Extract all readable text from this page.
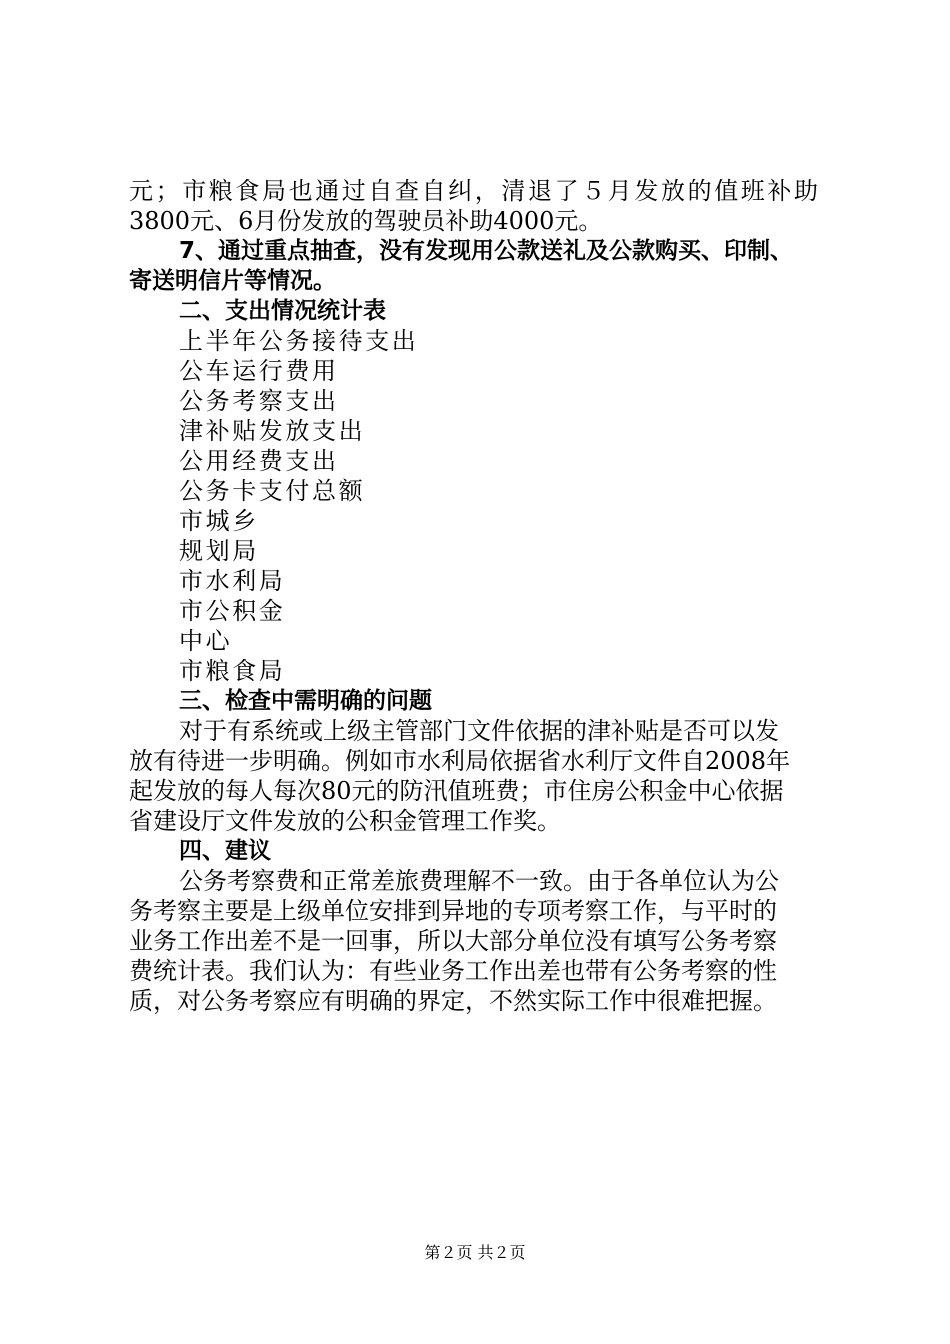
元；市粮食局也通过自查自纠，清退了５月发放的值班补助

3800元、6月份发放的驾驶员补助4000元。

7、通过重点抽查，没有发现用公款送礼及公款购买、印制、

寄送明信片等情况。

二、支出情况统计表

上半年公务接待支出

公车运行费用

公务考察支出

津补贴发放支出

公用经费支出

公务卡支付总额

市城乡

规划局

市水利局

市公积金

中心

市粮食局

三、检查中需明确的问题

对于有系统或上级主管部门文件依据的津补贴是否可以发

放有待进一步明确。例如市水利局依据省水利厅文件自2008年

起发放的每人每次80元的防汛值班费；市住房公积金中心依据

省建设厅文件发放的公积金管理工作奖。

四、建议

公务考察费和正常差旅费理解不一致。由于各单位认为公

务考察主要是上级单位安排到异地的专项考察工作，与平时的

业务工作出差不是一回事，所以大部分单位没有填写公务考察

费统计表。我们认为：有些业务工作出差也带有公务考察的性

质，对公务考察应有明确的界定，不然实际工作中很难把握。

第２页 共２页
